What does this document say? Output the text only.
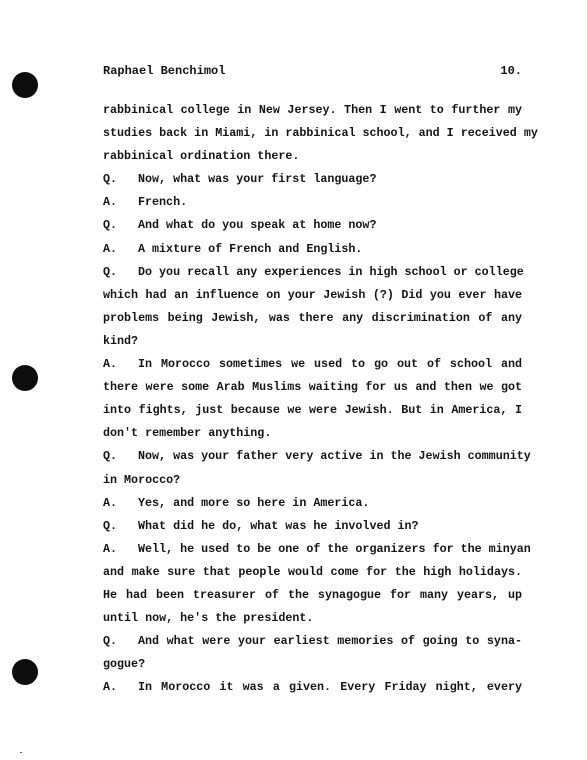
Raphael Benchimol	10.
rabbinical college in New Jersey. Then I went to further my
studies back in Miami, in rabbinical school, and I received my
rabbinical ordination there.
Q. Now, what was your first language?
A. French.
Q. And what do you speak at home now?
A. A mixture of French and English.
Q. Do you recall any experiences in high school or college
which had an influence on your Jewish (?) Did you ever have
problems being Jewish, was there any discrimination of any
kind?
A. In Morocco sometimes we used to go out of school and
there were some Arab Muslims waiting for us and then we got
into fights, just because we were Jewish. But in America, I
don't remember anything.
Q. Now, was your father very active in the Jewish community
in Morocco?
A. Yes, and more so here in America.
Q. What did he do, what was he involved in?
A. Well, he used to be one of the organizers for the minyan
and make sure that people would come for the high holidays.
He had been treasurer of the synagogue for many years, up
until now, he's the president.
Q. And what were your earliest memories of going to syna-
gogue?
A. In Morocco it was a given. Every Friday night, every
